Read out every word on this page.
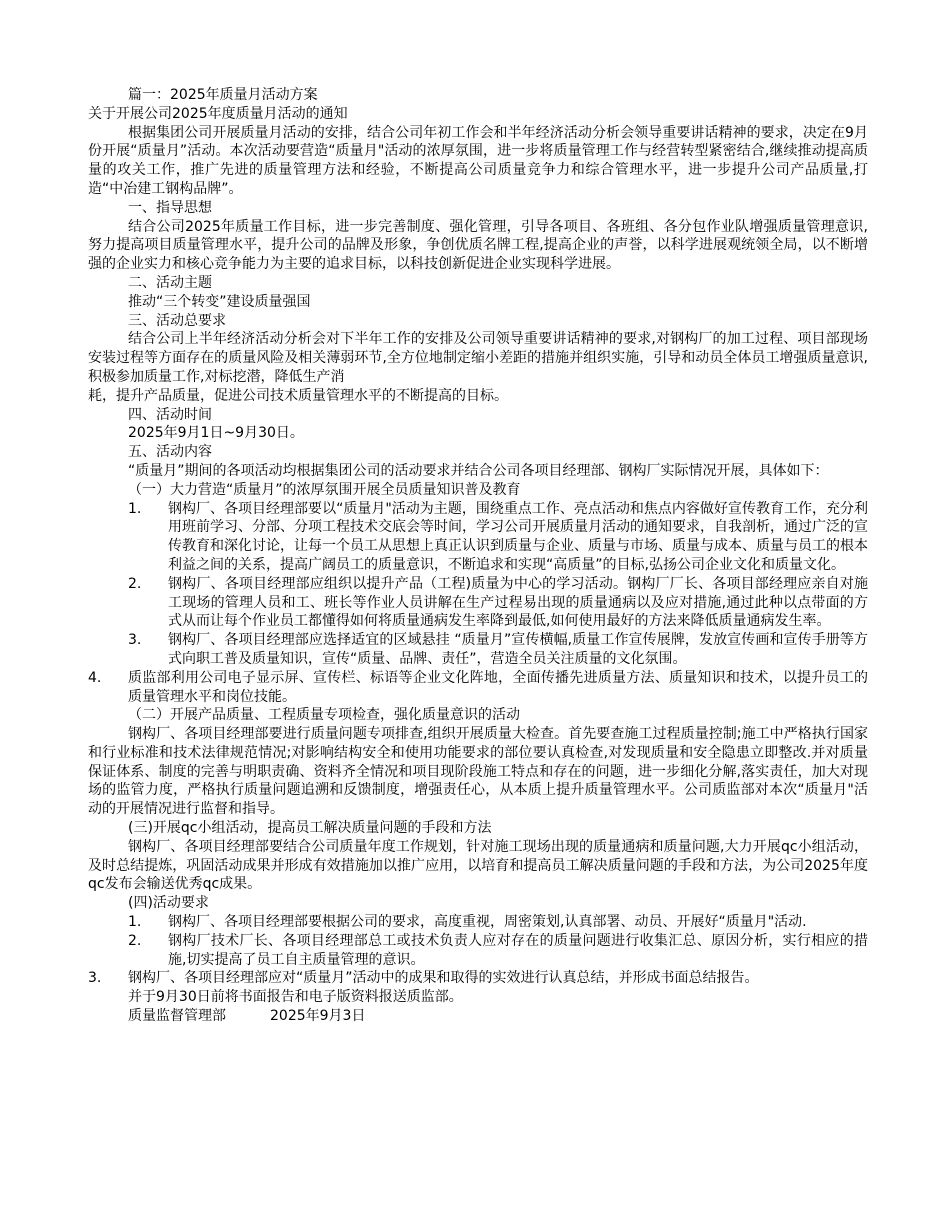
篇一：2025年质量月活动方案

关于开展公司2025年度质量月活动的通知

根据集团公司开展质量月活动的安排，结合公司年初工作会和半年经济活动分析会领导重要讲话精神的要求，决定在9月份开展“质量月”活动。本次活动要营造“质量月"活动的浓厚氛围，进一步将质量管理工作与经营转型紧密结合,继续推动提高质量的攻关工作，推广先进的质量管理方法和经验，不断提高公司质量竞争力和综合管理水平，进一步提升公司产品质量,打造“中冶建工钢构品牌”。

一、指导思想

结合公司2025年质量工作目标，进一步完善制度、强化管理，引导各项目、各班组、各分包作业队增强质量管理意识,努力提高项目质量管理水平，提升公司的品牌及形象，争创优质名牌工程,提高企业的声誉，以科学进展观统领全局，以不断增强的企业实力和核心竞争能力为主要的追求目标，以科技创新促进企业实现科学进展。

二、活动主题

推动“三个转变”建设质量强国

三、活动总要求

结合公司上半年经济活动分析会对下半年工作的安排及公司领导重要讲话精神的要求,对钢构厂的加工过程、项目部现场安装过程等方面存在的质量风险及相关薄弱环节,全方位地制定缩小差距的措施并组织实施，引导和动员全体员工增强质量意识,积极参加质量工作,对标挖潜，降低生产消

耗，提升产品质量，促进公司技术质量管理水平的不断提高的目标。

四、活动时间

2025年9月1日~9月30日。

五、活动内容

“质量月”期间的各项活动均根据集团公司的活动要求并结合公司各项目经理部、钢构厂实际情况开展，具体如下：

（一）大力营造“质量月”的浓厚氛围开展全员质量知识普及教育

1. 钢构厂、各项目经理部要以“质量月"活动为主题，围绕重点工作、亮点活动和焦点内容做好宣传教育工作，充分利用班前学习、分部、分项工程技术交底会等时间，学习公司开展质量月活动的通知要求，自我剖析，通过广泛的宣传教育和深化讨论，让每一个员工从思想上真正认识到质量与企业、质量与市场、质量与成本、质量与员工的根本利益之间的关系，提高广阔员工的质量意识，不断追求和实现“高质量”的目标,弘扬公司企业文化和质量文化。
2. 钢构厂、各项目经理部应组织以提升产品（工程)质量为中心的学习活动。钢构厂厂长、各项目部经理应亲自对施工现场的管理人员和工、班长等作业人员讲解在生产过程易出现的质量通病以及应对措施,通过此种以点带面的方式从而让每个作业员工都懂得如何将质量通病发生率降到最低,如何使用最好的方法来降低质量通病发生率。
3. 钢构厂、各项目经理部应选择适宜的区域悬挂 “质量月”宣传横幅,质量工作宣传展牌，发放宣传画和宣传手册等方式向职工普及质量知识，宣传“质量、品牌、责任”，营造全员关注质量的文化氛围。
4. 质监部利用公司电子显示屏、宣传栏、标语等企业文化阵地，全面传播先进质量方法、质量知识和技术，以提升员工的质量管理水平和岗位技能。

（二）开展产品质量、工程质量专项检查，强化质量意识的活动

钢构厂、各项目经理部要进行质量问题专项排查,组织开展质量大检查。首先要查施工过程质量控制;施工中严格执行国家和行业标准和技术法律规范情况;对影响结构安全和使用功能要求的部位要认真检查,对发现质量和安全隐患立即整改.并对质量保证体系、制度的完善与明职责确、资料齐全情况和项目现阶段施工特点和存在的问题，进一步细化分解,落实责任，加大对现场的监管力度，严格执行质量问题追溯和反馈制度，增强责任心，从本质上提升质量管理水平。公司质监部对本次“质量月"活动的开展情况进行监督和指导。

(三)开展qc小组活动，提高员工解决质量问题的手段和方法

钢构厂、各项目经理部要结合公司质量年度工作规划，针对施工现场出现的质量通病和质量问题,大力开展qc小组活动，及时总结提炼，巩固活动成果并形成有效措施加以推广应用，以培育和提高员工解决质量问题的手段和方法，为公司2025年度qc发布会输送优秀qc成果。

(四)活动要求

1. 钢构厂、各项目经理部要根据公司的要求，高度重视，周密策划,认真部署、动员、开展好“质量月"活动.
2. 钢构厂技术厂长、各项目经理部总工或技术负责人应对存在的质量问题进行收集汇总、原因分析，实行相应的措施,切实提高了员工自主质量管理的意识。
3. 钢构厂、各项目经理部应对“质量月”活动中的成果和取得的实效进行认真总结，并形成书面总结报告。

并于9月30日前将书面报告和电子版资料报送质监部。

质量监督管理部	2025年9月3日
